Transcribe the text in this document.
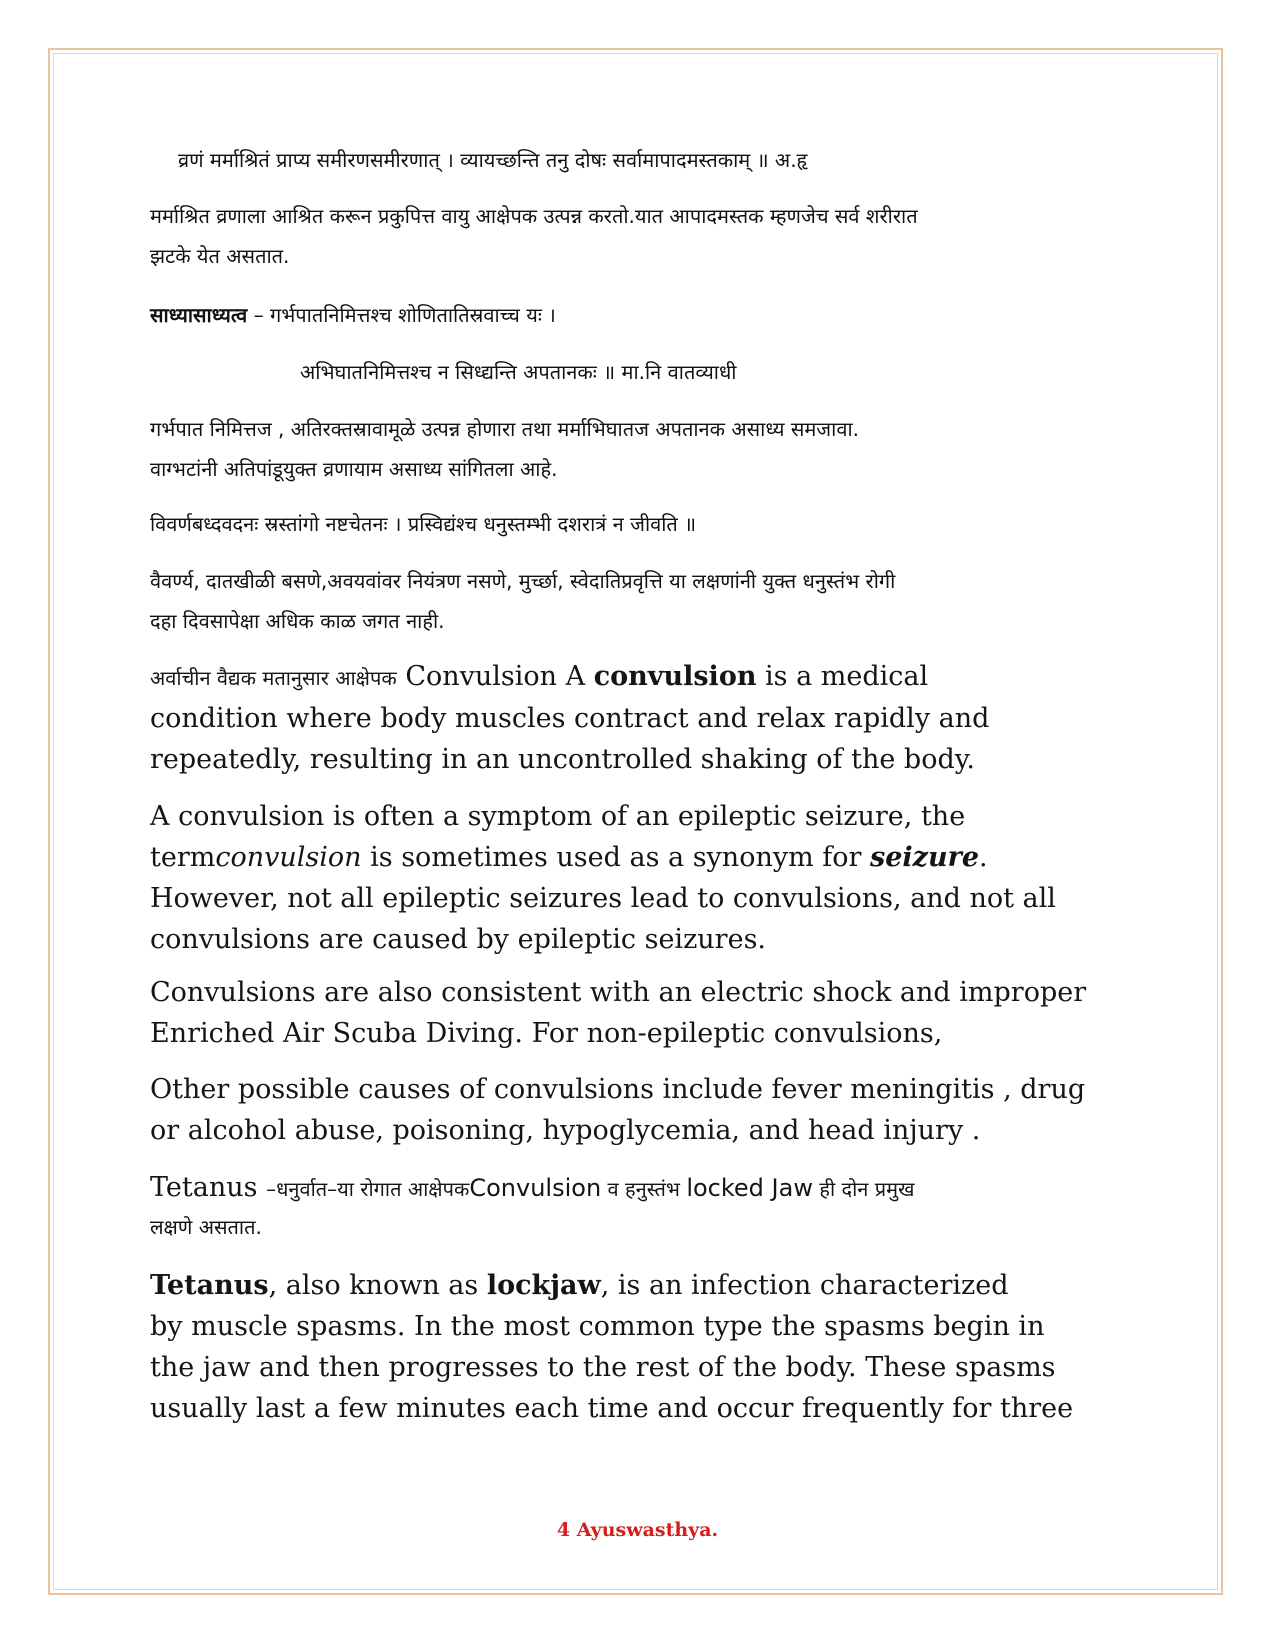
व्रणं मर्माश्रितं प्राप्य समीरणसमीरणात् । व्यायच्छन्ति तनु दोषः सर्वामापादमस्तकाम् ॥ अ.हृ

मर्माश्रित व्रणाला आश्रित करून प्रकुपित्त वायु आक्षेपक उत्पन्न करतो.यात आपादमस्तक म्हणजेच सर्व शरीरात

झटके येत असतात.

साध्यासाध्यत्व – गर्भपातनिमित्तश्च शोणितातिस्रवाच्च यः ।

अभिघातनिमित्तश्च न सिध्द्यन्ति अपतानकः ॥ मा.नि वातव्याधी

गर्भपात निमित्तज , अतिरक्तस्रावामूळे उत्पन्न होणारा तथा मर्माभिघातज अपतानक असाध्य समजावा.

वाग्भटांनी अतिपांडूयुक्त व्रणायाम असाध्य सांगितला आहे.

विवर्णबध्दवदनः स्रस्तांगो नष्टचेतनः । प्रस्विद्यंश्च धनुस्तम्भी दशरात्रं न जीवति ॥

वैवर्ण्य, दातखीळी बसणे,अवयवांवर नियंत्रण नसणे, मुर्च्छा, स्वेदातिप्रवृत्ति या लक्षणांनी युक्त धनुस्तंभ रोगी

दहा दिवसापेक्षा अधिक काळ जगत नाही.

अर्वाचीन वैद्यक मतानुसार आक्षेपक Convulsion A convulsion is a medical

condition where body muscles contract and relax rapidly and

repeatedly, resulting in an uncontrolled shaking of the body.

A convulsion is often a symptom of an epileptic seizure, the

termconvulsion is sometimes used as a synonym for seizure.

However, not all epileptic seizures lead to convulsions, and not all

convulsions are caused by epileptic seizures.

Convulsions are also consistent with an electric shock and improper

Enriched Air Scuba Diving. For non-epileptic convulsions,

Other possible causes of convulsions include fever meningitis , drug

or alcohol abuse, poisoning, hypoglycemia, and head injury .

Tetanus –धनुर्वात–या रोगात आक्षेपकConvulsion व हनुस्तंभ locked Jaw ही दोन प्रमुख

लक्षणे असतात.

Tetanus, also known as lockjaw, is an infection characterized

by muscle spasms. In the most common type the spasms begin in

the jaw and then progresses to the rest of the body. These spasms

usually last a few minutes each time and occur frequently for three

4 Ayuswasthya.
